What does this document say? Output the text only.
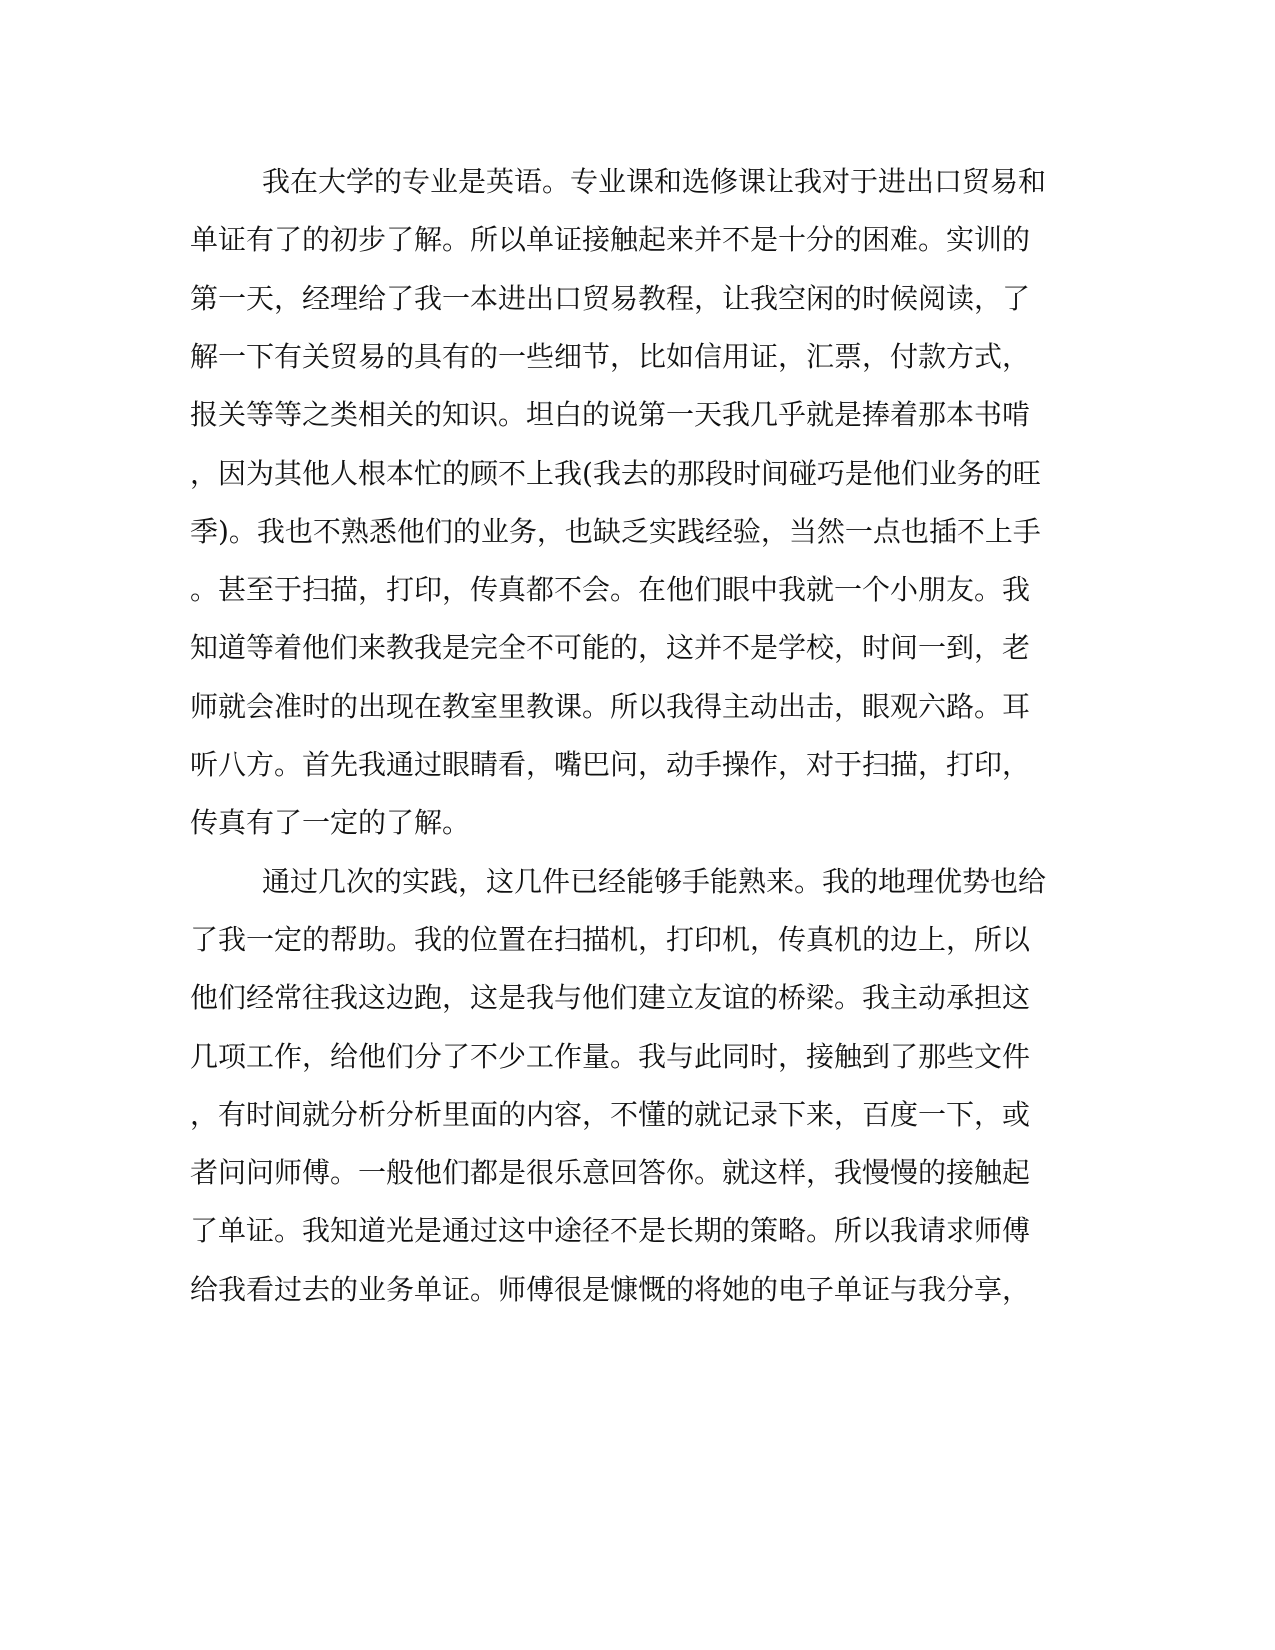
我在大学的专业是英语。专业课和选修课让我对于进出口贸易和
单证有了的初步了解。所以单证接触起来并不是十分的困难。实训的
第一天，经理给了我一本进出口贸易教程，让我空闲的时候阅读，了
解一下有关贸易的具有的一些细节，比如信用证，汇票，付款方式，
报关等等之类相关的知识。坦白的说第一天我几乎就是捧着那本书啃
，因为其他人根本忙的顾不上我(我去的那段时间碰巧是他们业务的旺
季)。我也不熟悉他们的业务，也缺乏实践经验，当然一点也插不上手
。甚至于扫描，打印，传真都不会。在他们眼中我就一个小朋友。我
知道等着他们来教我是完全不可能的，这并不是学校，时间一到，老
师就会准时的出现在教室里教课。所以我得主动出击，眼观六路。耳
听八方。首先我通过眼睛看，嘴巴问，动手操作，对于扫描，打印，
传真有了一定的了解。
通过几次的实践，这几件已经能够手能熟来。我的地理优势也给
了我一定的帮助。我的位置在扫描机，打印机，传真机的边上，所以
他们经常往我这边跑，这是我与他们建立友谊的桥梁。我主动承担这
几项工作，给他们分了不少工作量。我与此同时，接触到了那些文件
，有时间就分析分析里面的内容，不懂的就记录下来，百度一下，或
者问问师傅。一般他们都是很乐意回答你。就这样，我慢慢的接触起
了单证。我知道光是通过这中途径不是长期的策略。所以我请求师傅
给我看过去的业务单证。师傅很是慷慨的将她的电子单证与我分享，
